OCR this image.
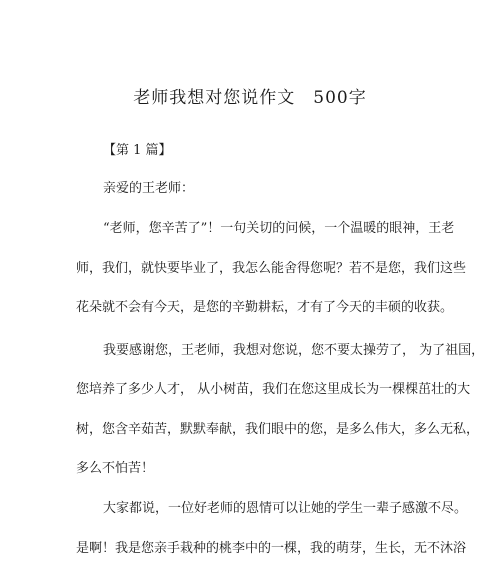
老师我想对您说作文　500字
【第 1 篇】
亲爱的王老师：
“老师，您辛苦了”！一句关切的问候，一个温暖的眼神，王老
师，我们，就快要毕业了，我怎么能舍得您呢？若不是您，我们这些
花朵就不会有今天，是您的辛勤耕耘，才有了今天的丰硕的收获。
我要感谢您，王老师，我想对您说，您不要太操劳了， 为了祖国，
您培养了多少人才， 从小树苗，我们在您这里成长为一棵棵茁壮的大
树，您含辛茹苦，默默奉献，我们眼中的您，是多么伟大，多么无私，
多么不怕苦！
大家都说，一位好老师的恩情可以让她的学生一辈子感激不尽。
是啊！我是您亲手栽种的桃李中的一棵，我的萌芽，生长，无不沐浴
